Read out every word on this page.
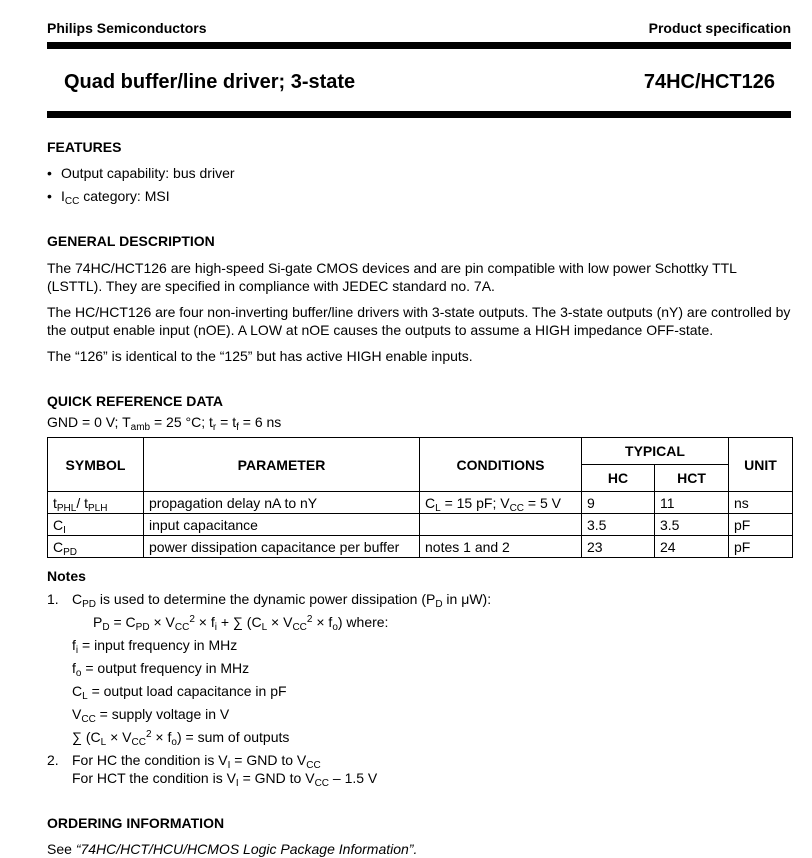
Philips Semiconductors	Product specification
Quad buffer/line driver; 3-state	74HC/HCT126
FEATURES
• Output capability: bus driver
• $I_{CC}$ category: MSI
GENERAL DESCRIPTION
The 74HC/HCT126 are high-speed Si-gate CMOS devices and are pin compatible with low power Schottky TTL (LSTTL). They are specified in compliance with JEDEC standard no. 7A.
The HC/HCT126 are four non-inverting buffer/line drivers with 3-state outputs. The 3-state outputs (nY) are controlled by the output enable input (nOE). A LOW at nOE causes the outputs to assume a HIGH impedance OFF-state.
The “126” is identical to the “125” but has active HIGH enable inputs.
QUICK REFERENCE DATA
GND = 0 V; $T_{amb} = 25$ °C; $t_r = t_f = 6$ ns
SYMBOL	PARAMETER	CONDITIONS	TYPICAL		UNIT
			HC	HCT	
$t_{PHL}/$ $t_{PLH}$	propagation delay nA to nY	$C_L = 15$ pF; $V_{CC} = 5$ V	9	11	ns
$C_I$	input capacitance		3.5	3.5	pF
$C_{PD}$	power dissipation capacitance per buffer	notes 1 and 2	23	24	pF
Notes
1. $C_{PD}$ is used to determine the dynamic power dissipation ($P_D$ in μW):
$P_D = C_{PD} \times V_{CC}^2 \times f_i$ + ∑ $(C_L \times V_{CC}^2 \times f_o)$ where:
$f_i$ = input frequency in MHz
$f_o$ = output frequency in MHz
$C_L$ = output load capacitance in pF
$V_{CC}$ = supply voltage in V
∑ $(C_L \times V_{CC}^2 \times f_o)$ = sum of outputs
2. For HC the condition is $V_I$ = GND to $V_{CC}$
For HCT the condition is $V_I$ = GND to $V_{CC} - 1.5$ V
ORDERING INFORMATION
See “74HC/HCT/HCU/HCMOS Logic Package Information”.
